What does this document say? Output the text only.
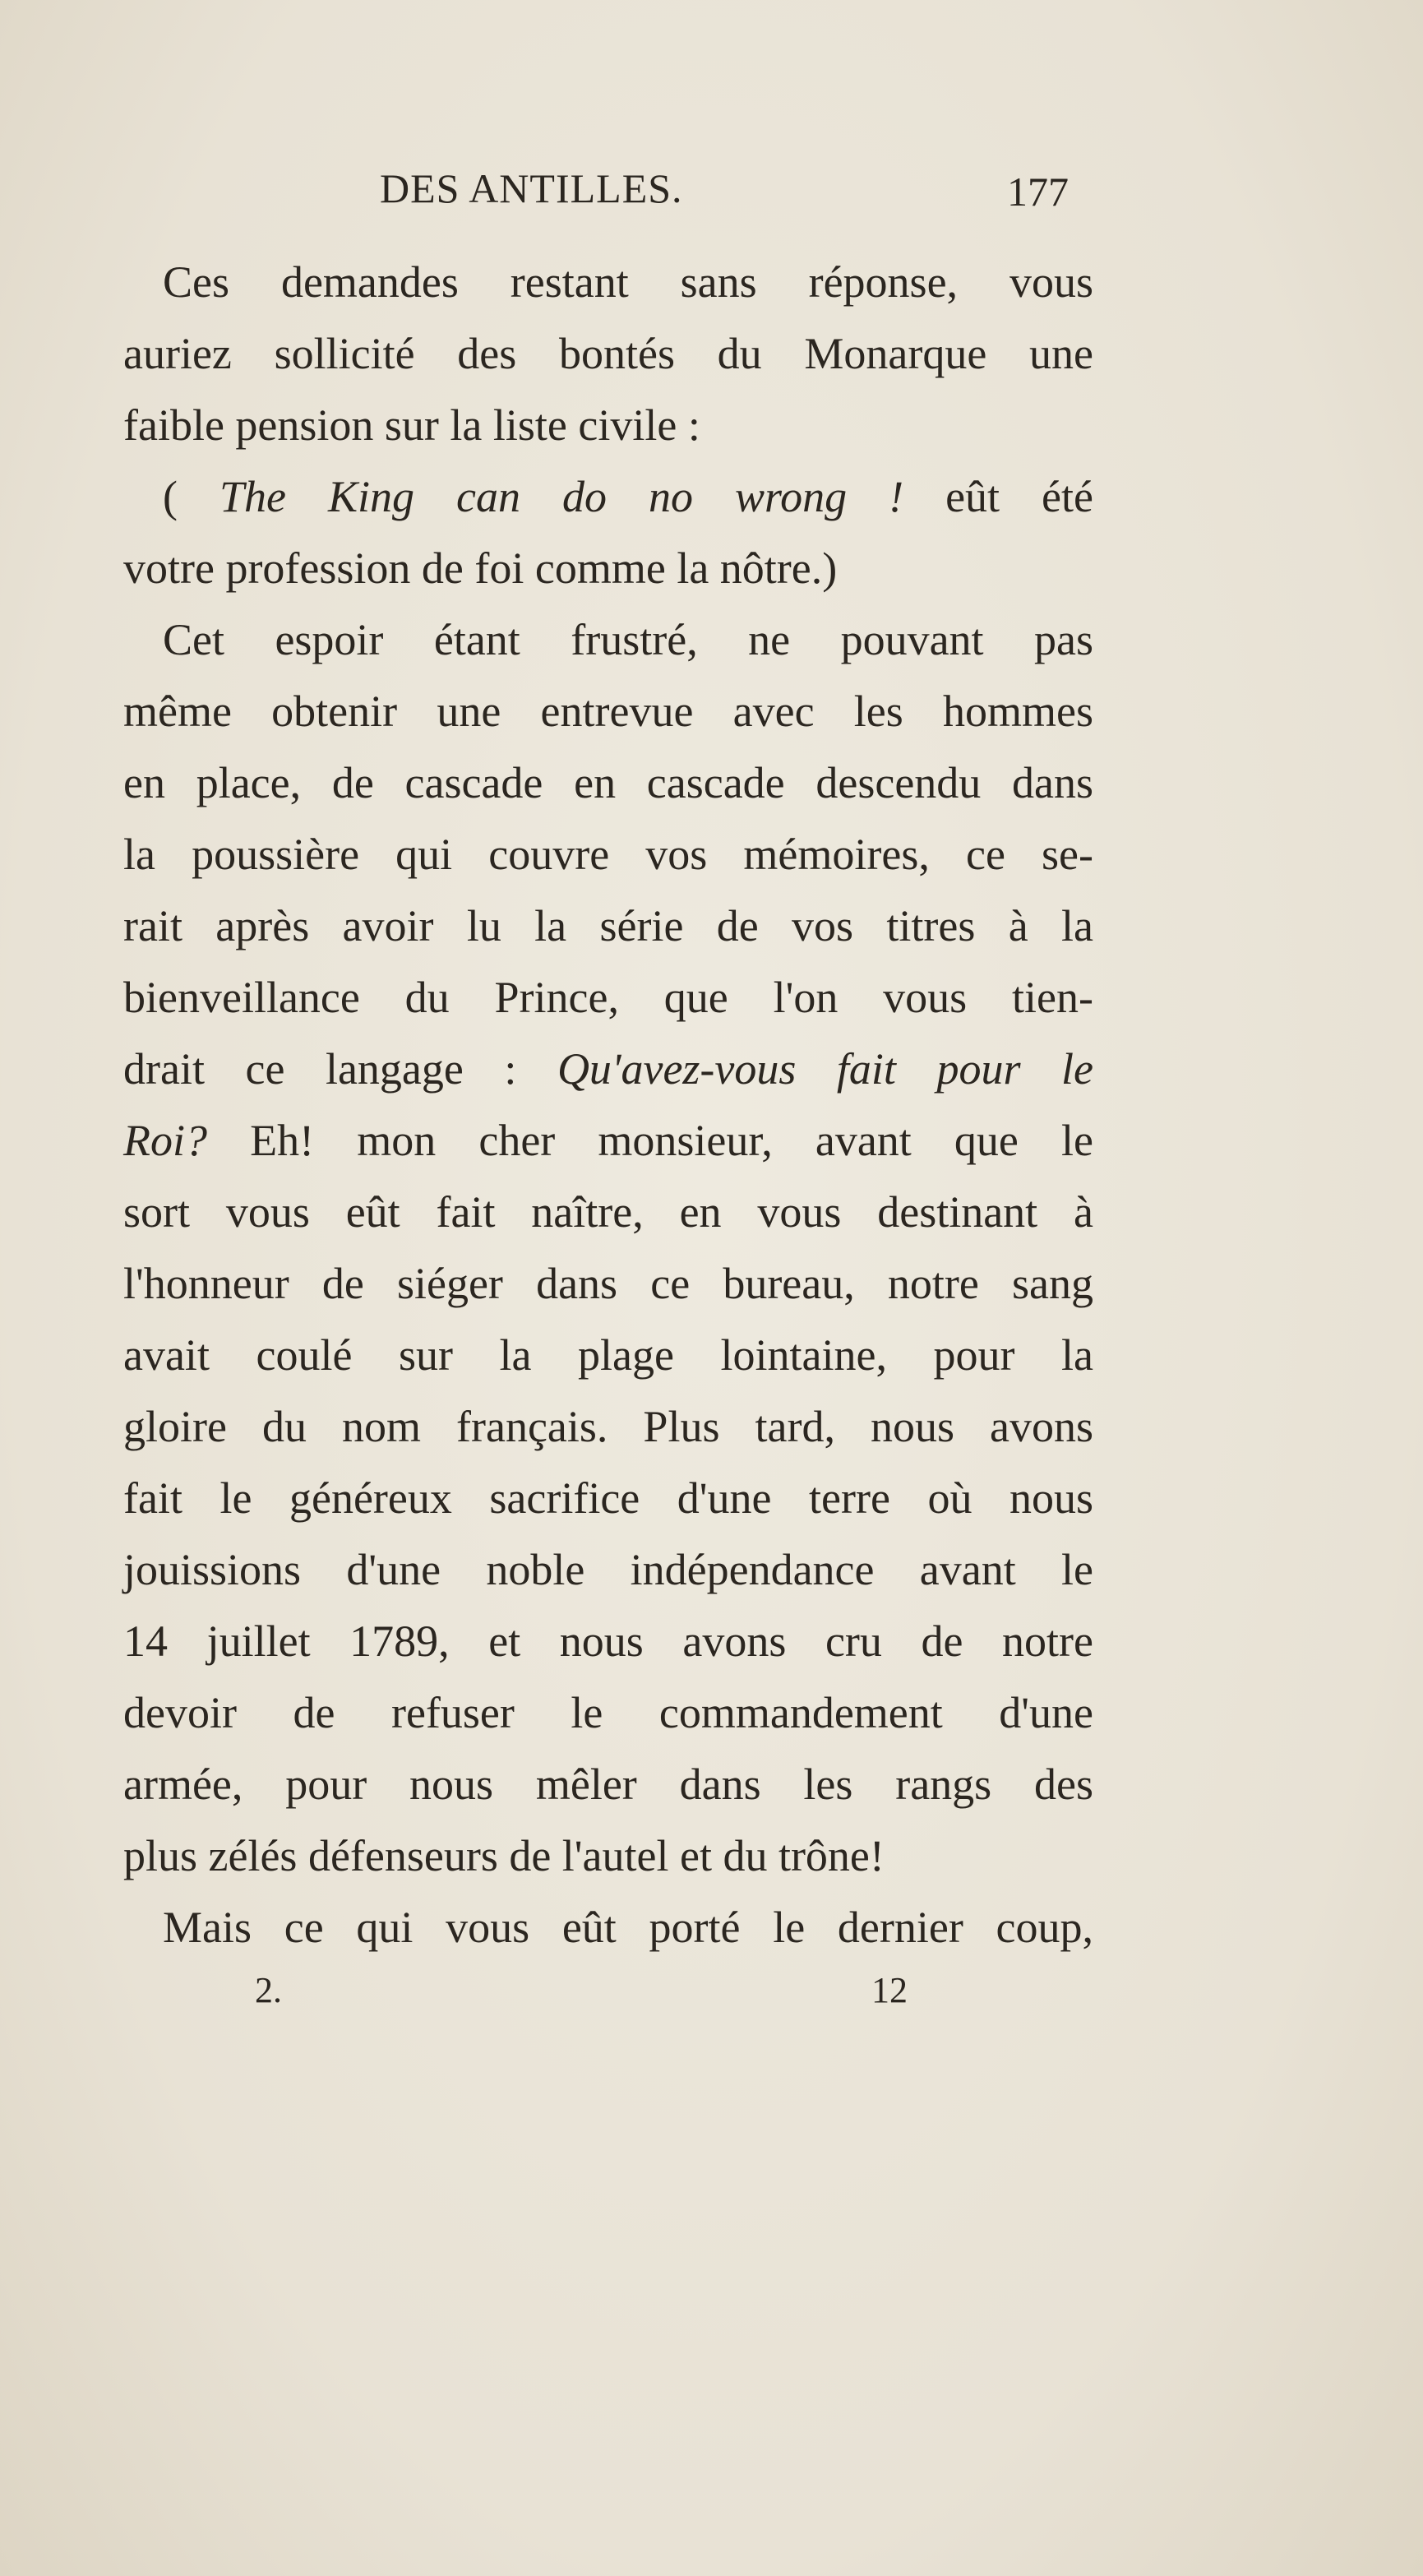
DES ANTILLES.	177
Ces demandes restant sans réponse, vous
auriez sollicité des bontés du Monarque une
faible pension sur la liste civile :
( The King can do no wrong ! eût été
votre profession de foi comme la nôtre.)
Cet espoir étant frustré, ne pouvant pas
même obtenir une entrevue avec les hommes
en place, de cascade en cascade descendu dans
la poussière qui couvre vos mémoires, ce se-
rait après avoir lu la série de vos titres à la
bienveillance du Prince, que l'on vous tien-
drait ce langage : Qu'avez-vous fait pour le
Roi? Eh! mon cher monsieur, avant que le
sort vous eût fait naître, en vous destinant à
l'honneur de siéger dans ce bureau, notre sang
avait coulé sur la plage lointaine, pour la
gloire du nom français. Plus tard, nous avons
fait le généreux sacrifice d'une terre où nous
jouissions d'une noble indépendance avant le
14 juillet 1789, et nous avons cru de notre
devoir de refuser le commandement d'une
armée, pour nous mêler dans les rangs des
plus zélés défenseurs de l'autel et du trône!
Mais ce qui vous eût porté le dernier coup,
2.	12
